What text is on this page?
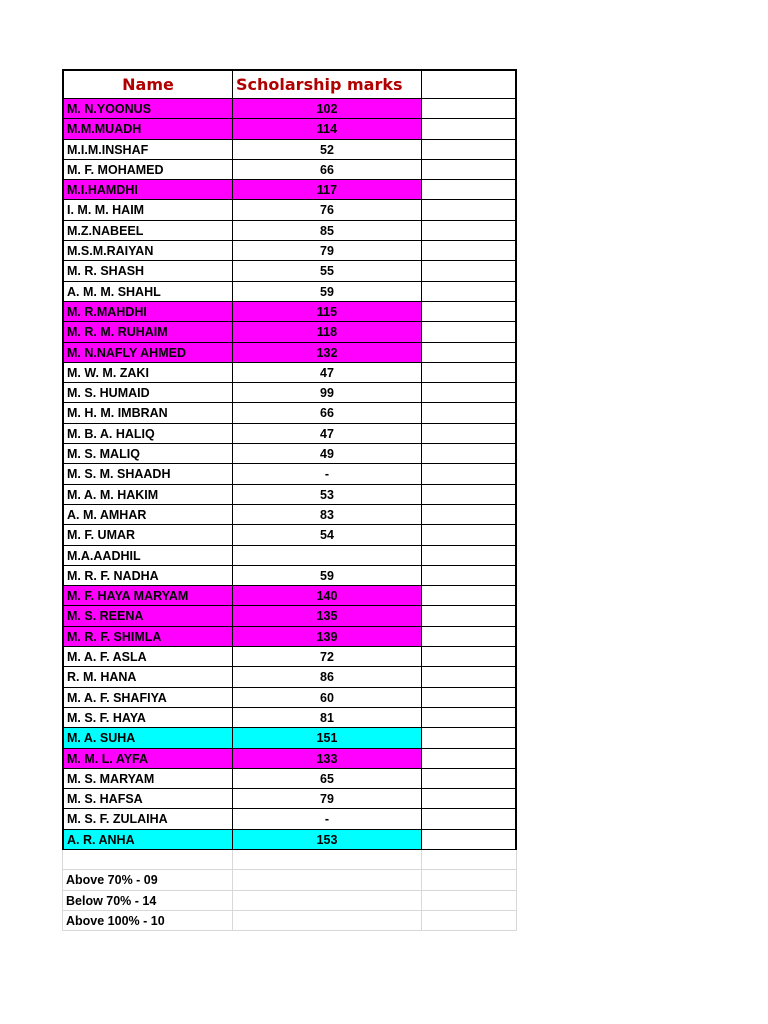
Name	Scholarship marks
M. N.YOONUS	102
M.M.MUADH	114
M.I.M.INSHAF	52
M. F. MOHAMED	66
M.I.HAMDHI	117
I. M. M. HAIM	76
M.Z.NABEEL	85
M.S.M.RAIYAN	79
M. R. SHASH	55
A. M. M. SHAHL	59
M. R.MAHDHI	115
M. R. M. RUHAIM	118
M. N.NAFLY AHMED	132
M. W. M. ZAKI	47
M. S. HUMAID	99
M. H. M. IMBRAN	66
M. B. A. HALIQ	47
M. S. MALIQ	49
M. S. M. SHAADH	-
M. A. M. HAKIM	53
A. M. AMHAR	83
M. F. UMAR	54
M.A.AADHIL
M. R. F. NADHA	59
M. F. HAYA MARYAM	140
M. S. REENA	135
M. R. F. SHIMLA	139
M. A. F. ASLA	72
R. M. HANA	86
M. A. F. SHAFIYA	60
M. S. F. HAYA	81
M. A. SUHA	151
M. M. L. AYFA	133
M. S. MARYAM	65
M. S. HAFSA	79
M. S. F. ZULAIHA	-
A. R. ANHA	153
Above 70% - 09
Below 70% - 14
Above 100% - 10
